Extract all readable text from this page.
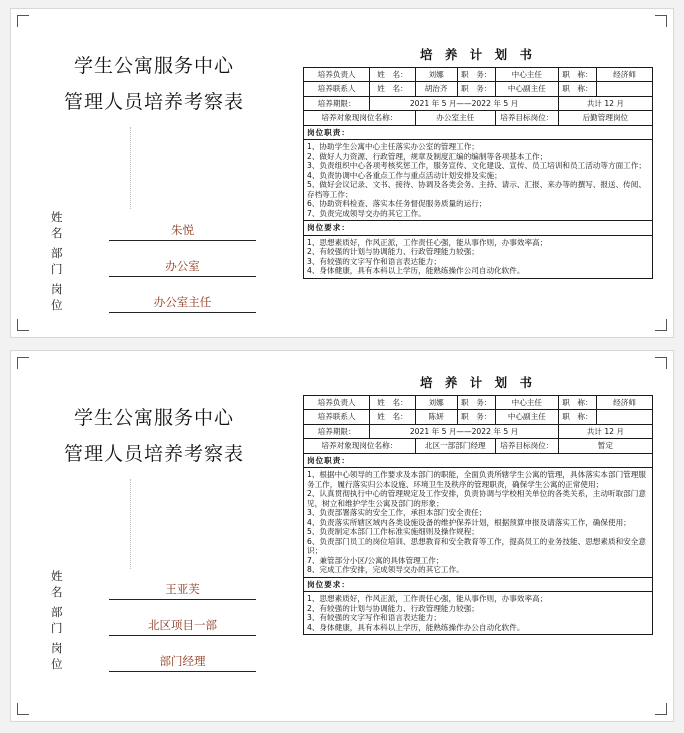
学生公寓服务中心
管理人员培养考察表
姓　　名	朱悦
部　　门	办公室
岗　　位	办公室主任
培 养 计 划 书
培养负责人	姓　名：	刘娜	职　务：	中心主任	职　称：	经济师
培养联系人	姓　名：	胡治齐	职　务：	中心副主任	职　称：	
培养期限：	2021 年 5 月——2022 年 5 月				共计 12 月	
培养对象现岗位名称：		办公室主任		培养目标岗位：	后勤管理岗位	
岗位职责：						

1、协助学生公寓中心主任落实办公室的管理工作；
2、做好人力资源、行政管理，规章及制度汇编的编制等各项基本工作；
3、负责组织中心各项考核奖惩工作，服务宣传、文化建设、宣传、员工培训和员工活动等方面工作；
4、负责协调中心各重点工作与重点活动计划安排及实施；
5、做好会议记录、文书、接待、协调及各类会务、主持、请示、汇报、来办等的撰写、报送、传阅、存档等工作；
6、协助资料检查、落实本任务督促服务质量的运行；
7、负责完成领导交办的其它工作。

岗位要求：						

1、思想素质好，作风正派，工作责任心强，能从事作则，办事效率高；
2、有较强的计划与协调能力、行政管理能力较强；
3、有较强的文字写作和语言表达能力；
4、身体健康，具有本科以上学历，能熟练操作公司自动化软件。						
学生公寓服务中心
管理人员培养考察表
姓　　名	王亚芙
部　　门	北区项目一部
岗　　位	部门经理
培 养 计 划 书
培养负责人	姓　名：	刘娜	职　务：	中心主任	职　称：	经济师
培养联系人	姓　名：	陈妍	职　务：	中心副主任	职　称：	
培养期限：	2021 年 5 月——2022 年 5 月				共计 12 月	
培养对象现岗位名称：		北区一部部门经理		培养目标岗位：	暂定	
岗位职责：						

1、根据中心领导的工作要求及本部门的职能，全面负责所辖学生公寓的管理，具体落实本部门管理服务工作，履行落实归公本设施、环境卫生及秩序的管理职责，确保学生公寓的正常使用；
2、认真贯彻执行中心的管理规定及工作安排，负责协调与学校相关单位的各类关系，主动听取部门意见，树立和维护学生公寓及部门的形象；
3、负责部署落实的安全工作，承担本部门安全责任；
4、负责落实所辖区域内各类设施设备的维护保养计划，根据预算申报及请落实工作，确保使用；
5、负责制定本部门工作标准实施细则及操作规程；
6、负责部门员工的岗位培训、思想教育和安全教育等工作，提高员工的业务技能、思想素质和安全意识；
7、兼管部分小区/公寓的具体管理工作；
8、完成工作安排，完成领导交办的其它工作。

岗位要求：						

1、思想素质好，作风正派，工作责任心强，能从事作则，办事效率高；
2、有较强的计划与协调能力、行政管理能力较强；
3、有较强的文字写作和语言表达能力；
4、身体健康，具有本科以上学历，能熟练操作办公自动化软件。						
